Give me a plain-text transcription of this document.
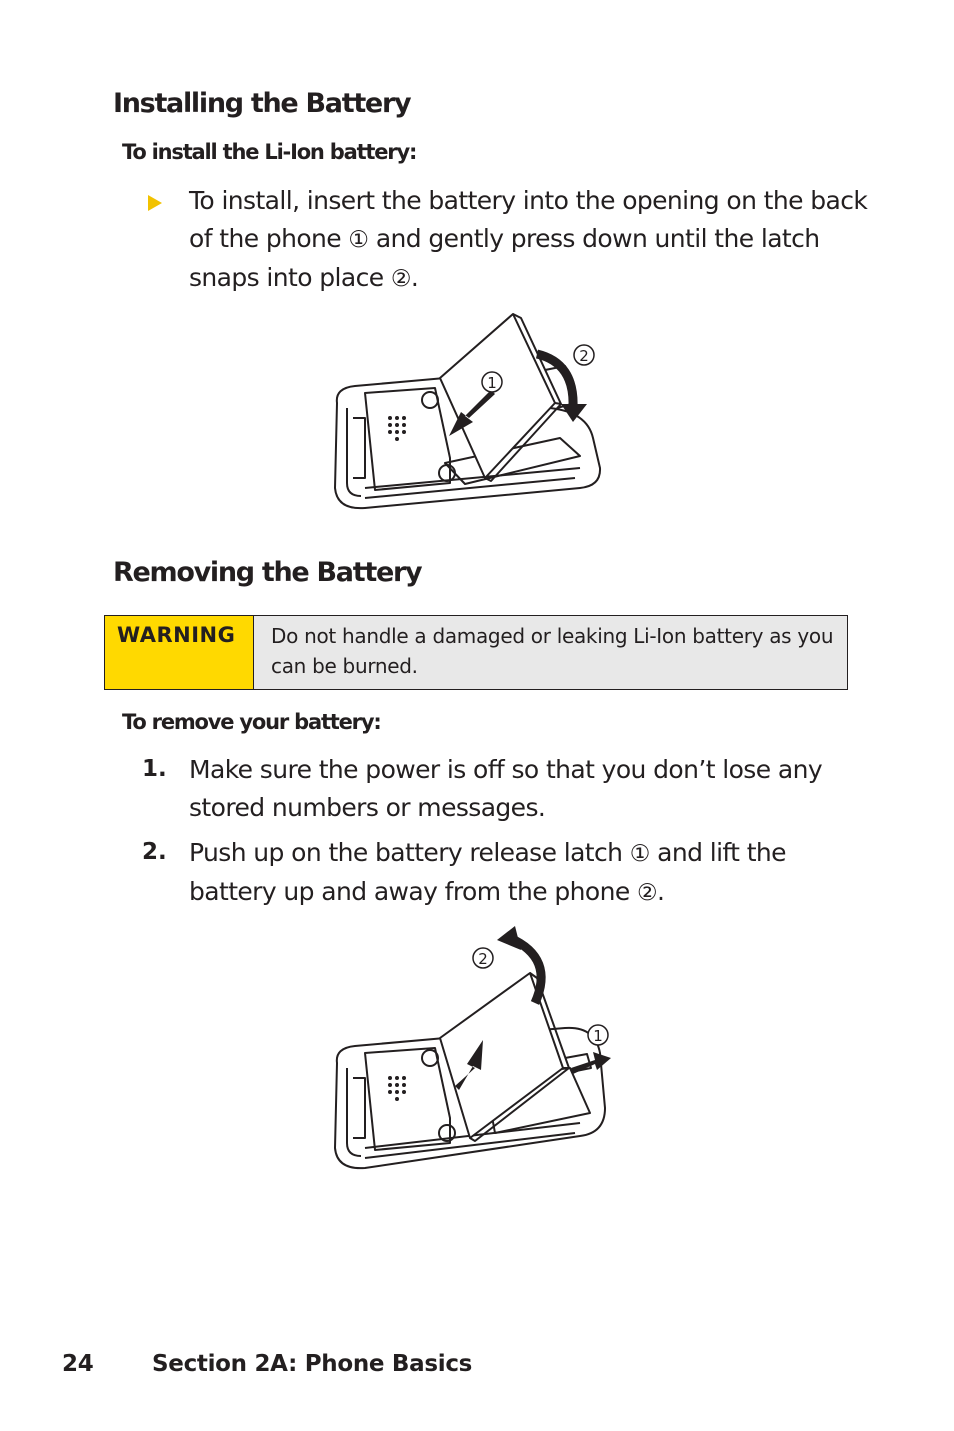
Installing the Battery
To install the Li-Ion battery:

To install, insert the battery into the opening on the back
of the phone ① and gently press down until the latch
snaps into place ②.

1
2
Removing the Battery
WARNING	Do not handle a damaged or leaking Li-Ion battery as you can be burned.
To remove your battery:

1. Make sure the power is off so that you don’t lose any
stored numbers or messages.

2. Push up on the battery release latch ① and lift the
battery up and away from the phone ②.

2
1

24	Section 2A: Phone Basics
